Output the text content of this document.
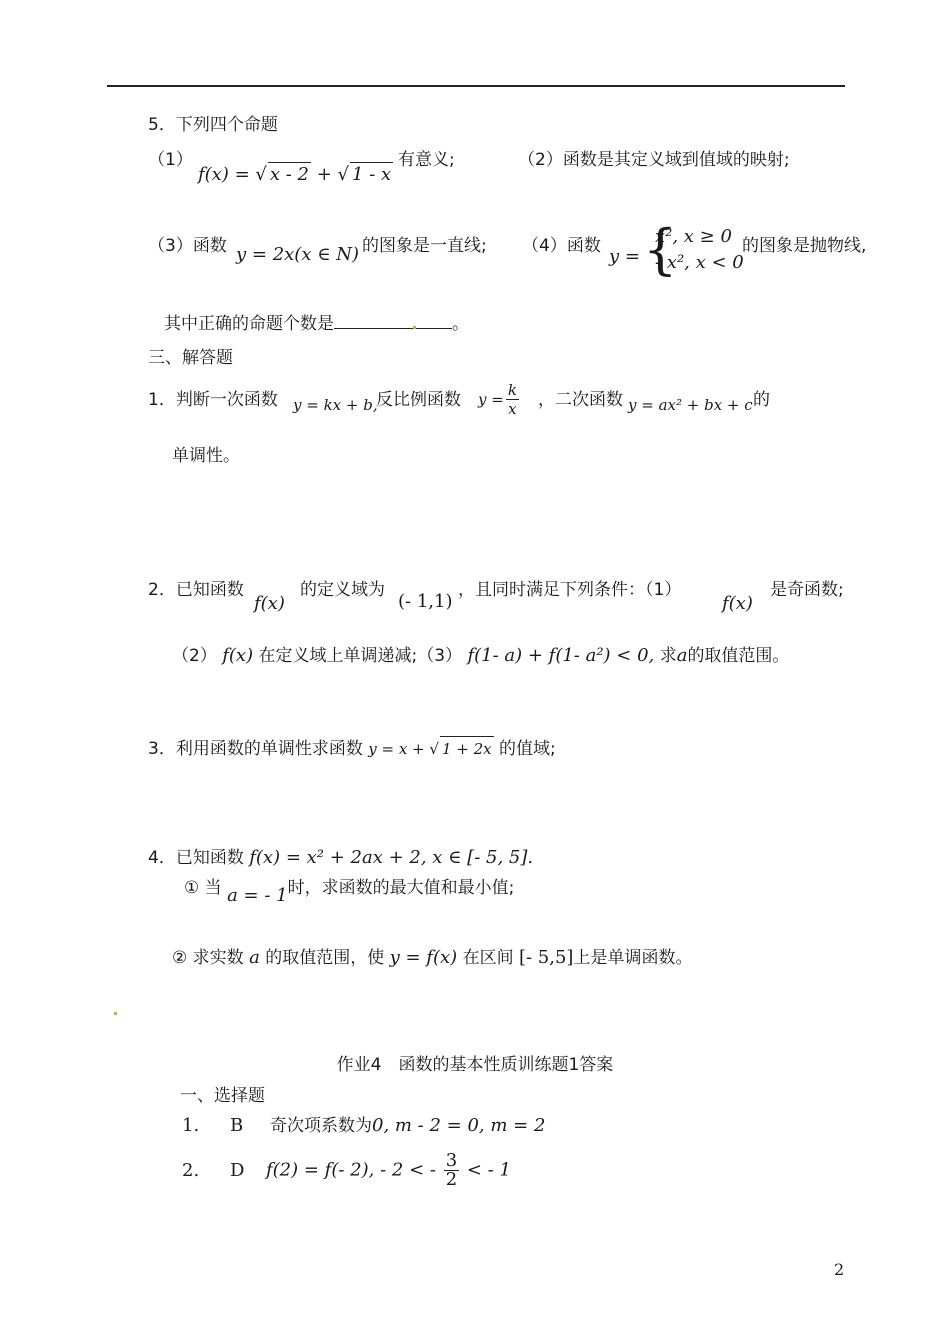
5．下列四个命题
（1）
f(x) = √ x - 2 + √ 1 - x
有意义;	（2）函数是其定义域到值域的映射;
（3）函数 y = 2x(x ∈ N) 的图象是一直线; （4）函数 y = {
x², x ≥ 0
- x², x < 0
的图象是抛物线,
其中正确的命题个数是	。
三、解答题
1．判断一次函数 y = kx + b,
反比例函数 $y = \frac{k}{x}$ ，二次函数 y = ax² + bx + c 的
单调性。
2．已知函数
f(x)
的定义域为
(- 1,1)
，且同时满足下列条件：（1）
f(x)
是奇函数;
（2） f(x) 在定义域上单调递减;（3） f(1- a) + f(1- a²) < 0, 求a的取值范围。
3．利用函数的单调性求函数 y = x + √ 1 + 2x 的值域;
4．已知函数 f(x) = x² + 2ax + 2, x ∈ [- 5, 5].
① 当 a = - 1时，求函数的最大值和最小值;
② 求实数 a 的取值范围，使 y = f(x) 在区间 [- 5,5]上是单调函数。
作业4　函数的基本性质训练题1答案
一、选择题
1. B 奇次项系数为0, m - 2 = 0, m = 2
2. D f(2) = f(- 2), - 2 < - $\frac{3}{2}$ < - 1
2
